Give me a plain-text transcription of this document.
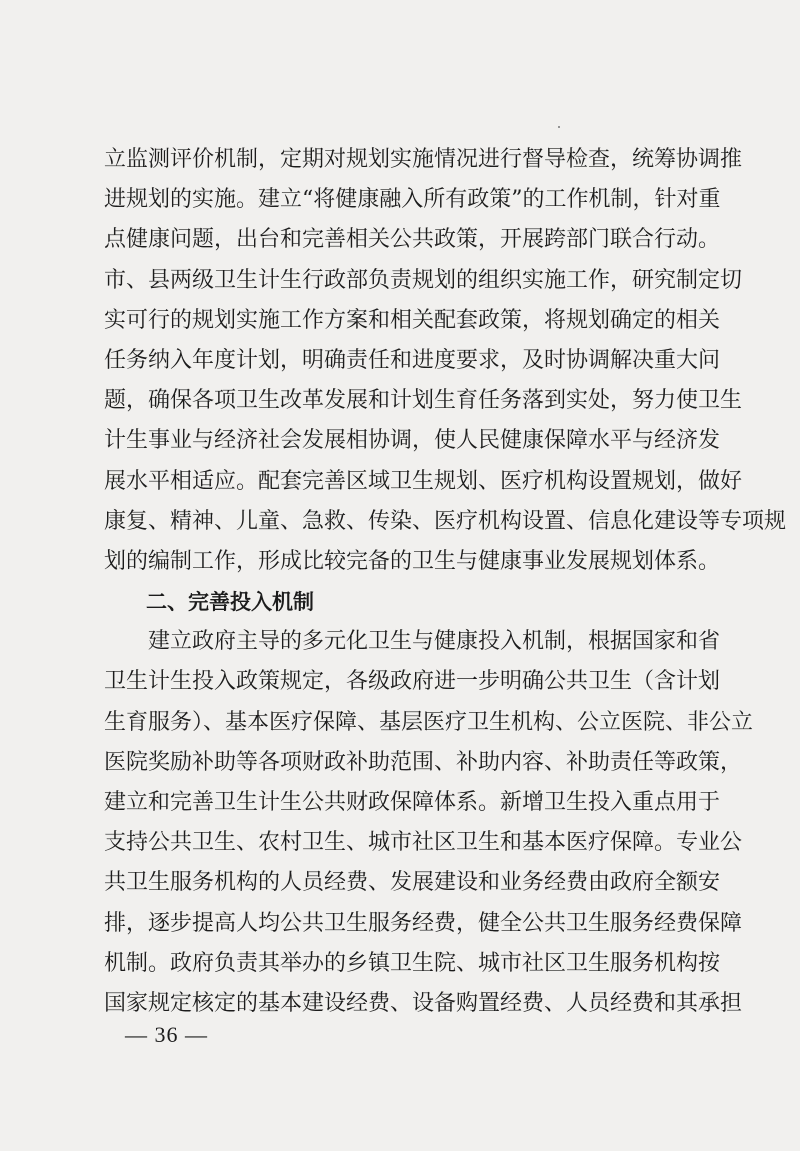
立监测评价机制，定期对规划实施情况进行督导检查，统筹协调推
进规划的实施。建立“将健康融入所有政策”的工作机制，针对重
点健康问题，出台和完善相关公共政策，开展跨部门联合行动。
市、县两级卫生计生行政部负责规划的组织实施工作，研究制定切
实可行的规划实施工作方案和相关配套政策，将规划确定的相关
任务纳入年度计划，明确责任和进度要求，及时协调解决重大问
题，确保各项卫生改革发展和计划生育任务落到实处，努力使卫生
计生事业与经济社会发展相协调，使人民健康保障水平与经济发
展水平相适应。配套完善区域卫生规划、医疗机构设置规划，做好
康复、精神、儿童、急救、传染、医疗机构设置、信息化建设等专项规
划的编制工作，形成比较完备的卫生与健康事业发展规划体系。
二、完善投入机制
建立政府主导的多元化卫生与健康投入机制，根据国家和省
卫生计生投入政策规定，各级政府进一步明确公共卫生（含计划
生育服务）、基本医疗保障、基层医疗卫生机构、公立医院、非公立
医院奖励补助等各项财政补助范围、补助内容、补助责任等政策，
建立和完善卫生计生公共财政保障体系。新增卫生投入重点用于
支持公共卫生、农村卫生、城市社区卫生和基本医疗保障。专业公
共卫生服务机构的人员经费、发展建设和业务经费由政府全额安
排，逐步提高人均公共卫生服务经费，健全公共卫生服务经费保障
机制。政府负责其举办的乡镇卫生院、城市社区卫生服务机构按
国家规定核定的基本建设经费、设备购置经费、人员经费和其承担
— 36 —
